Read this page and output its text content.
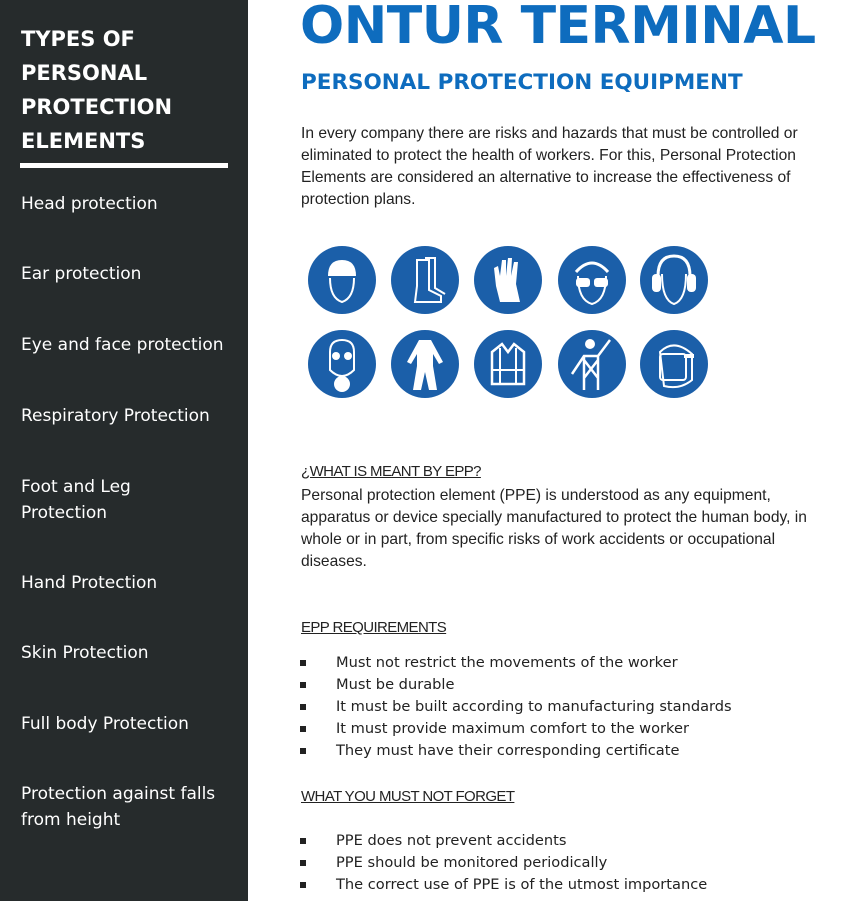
TYPES OF PERSONAL PROTECTION ELEMENTS
Head protection
Ear protection
Eye and face protection
Respiratory Protection
Foot and Leg Protection
Hand Protection
Skin Protection
Full body Protection
Protection against falls from height
ONTUR TERMINAL
PERSONAL PROTECTION EQUIPMENT
In every company there are risks and hazards that must be controlled or eliminated to protect the health of workers. For this, Personal Protection Elements are considered an alternative to increase the effectiveness of protection plans.
¿WHAT IS MEANT BY EPP?
Personal protection element (PPE) is understood as any equipment, apparatus or device specially manufactured to protect the human body, in whole or in part, from specific risks of work accidents or occupational diseases.
EPP REQUIREMENTS
Must not restrict the movements of the worker
Must be durable
It must be built according to manufacturing standards
It must provide maximum comfort to the worker
They must have their corresponding certificate
WHAT YOU MUST NOT FORGET
PPE does not prevent accidents
PPE should be monitored periodically
The correct use of PPE is of the utmost importance
